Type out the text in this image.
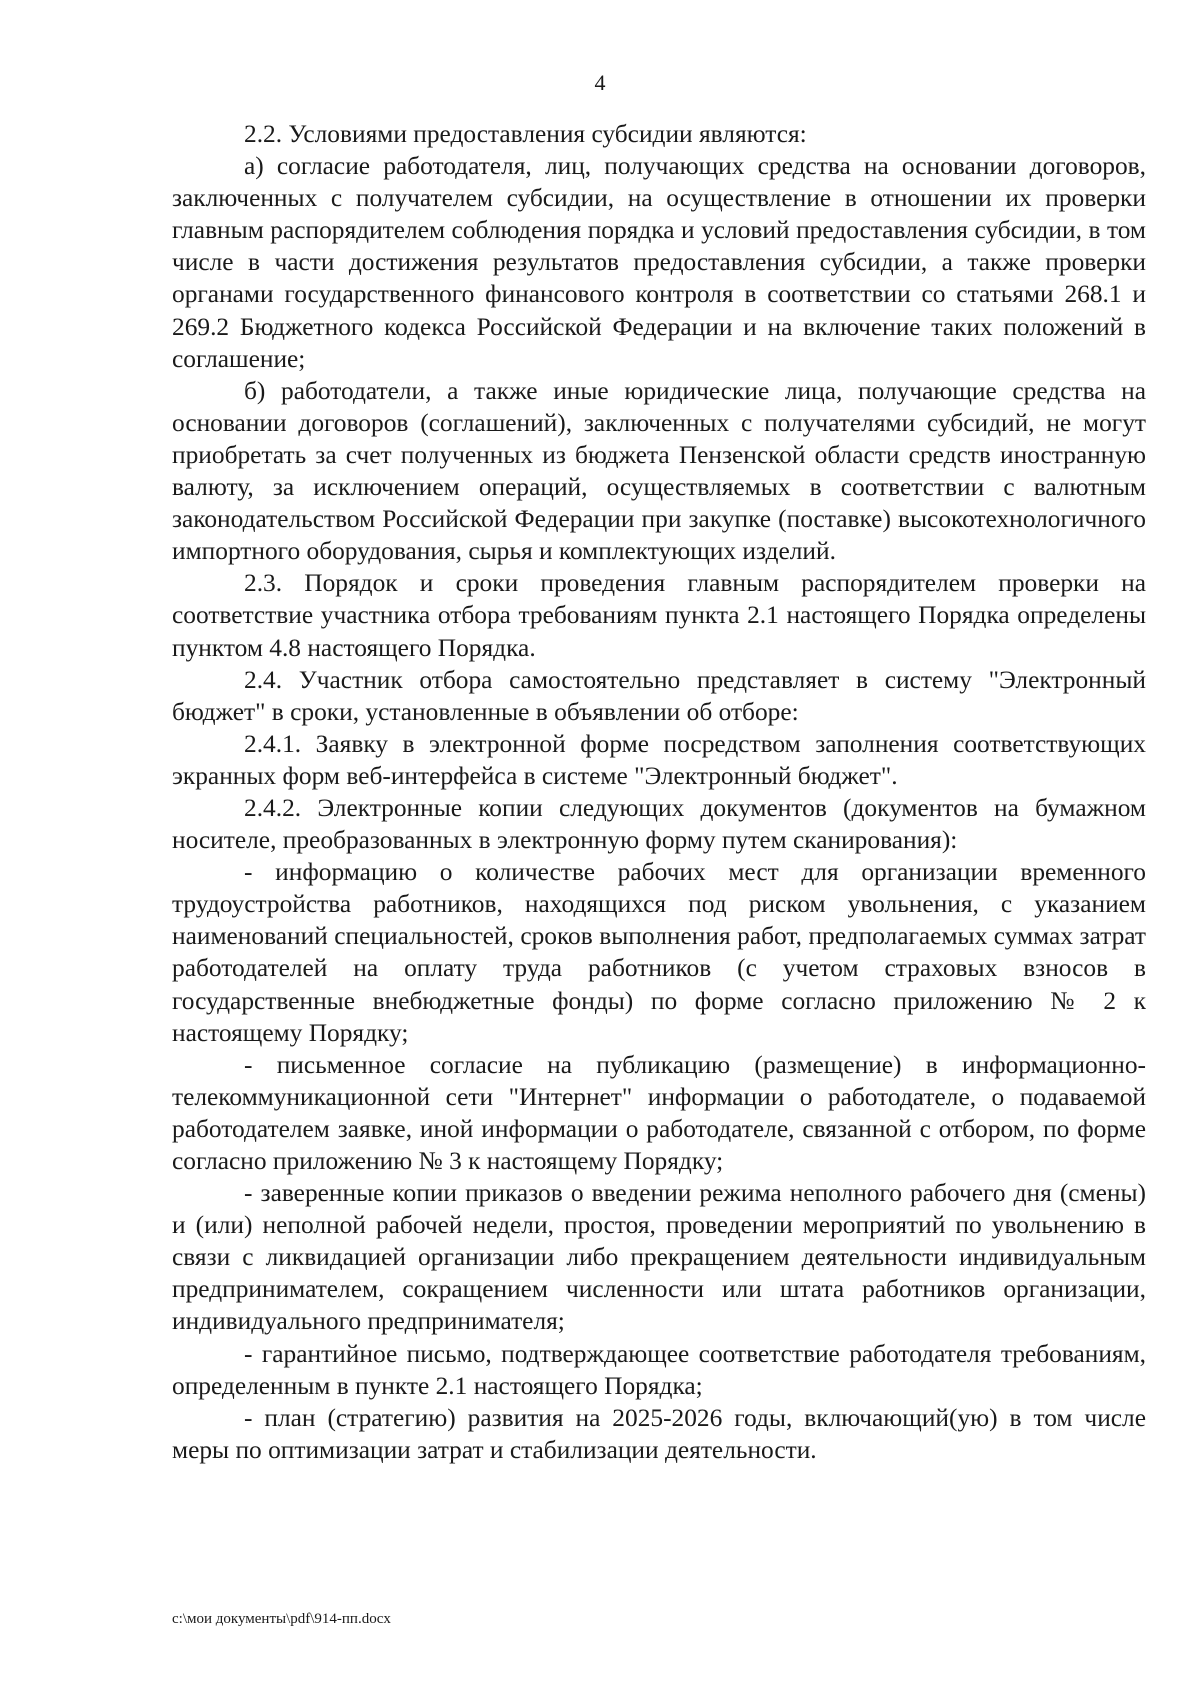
4

2.2. Условиями предоставления субсидии являются:

а) согласие работодателя, лиц, получающих средства на основании договоров, заключенных с получателем субсидии, на осуществление в отношении их проверки главным распорядителем соблюдения порядка и условий предоставления субсидии, в том числе в части достижения результатов предоставления субсидии, а также проверки органами государственного финансового контроля в соответствии со статьями 268.1 и 269.2 Бюджетного кодекса Российской Федерации и на включение таких положений в соглашение;

б) работодатели, а также иные юридические лица, получающие средства на основании договоров (соглашений), заключенных с получателями субсидий, не могут приобретать за счет полученных из бюджета Пензенской области средств иностранную валюту, за исключением операций, осуществляемых в соответствии с валютным законодательством Российской Федерации при закупке (поставке) высокотехнологичного импортного оборудования, сырья и комплектующих изделий.

2.3. Порядок и сроки проведения главным распорядителем проверки на соответствие участника отбора требованиям пункта 2.1 настоящего Порядка определены пунктом 4.8 настоящего Порядка.

2.4. Участник отбора самостоятельно представляет в систему "Электронный бюджет" в сроки, установленные в объявлении об отборе:

2.4.1. Заявку в электронной форме посредством заполнения соответствующих экранных форм веб-интерфейса в системе "Электронный бюджет".

2.4.2. Электронные копии следующих документов (документов на бумажном носителе, преобразованных в электронную форму путем сканирования):

- информацию о количестве рабочих мест для организации временного трудоустройства работников, находящихся под риском увольнения, с указанием наименований специальностей, сроков выполнения работ, предполагаемых суммах затрат работодателей на оплату труда работников (с учетом страховых взносов в государственные внебюджетные фонды) по форме согласно приложению № 2 к настоящему Порядку;

- письменное согласие на публикацию (размещение) в информационно-телекоммуникационной сети "Интернет" информации о работодателе, о подаваемой работодателем заявке, иной информации о работодателе, связанной с отбором, по форме согласно приложению № 3 к настоящему Порядку;

- заверенные копии приказов о введении режима неполного рабочего дня (смены) и (или) неполной рабочей недели, простоя, проведении мероприятий по увольнению в связи с ликвидацией организации либо прекращением деятельности индивидуальным предпринимателем, сокращением численности или штата работников организации, индивидуального предпринимателя;

- гарантийное письмо, подтверждающее соответствие работодателя требованиям, определенным в пункте 2.1 настоящего Порядка;

- план (стратегию) развития на 2025-2026 годы, включающий(ую) в том числе меры по оптимизации затрат и стабилизации деятельности.

c:\мои документы\pdf\914-пп.docx
